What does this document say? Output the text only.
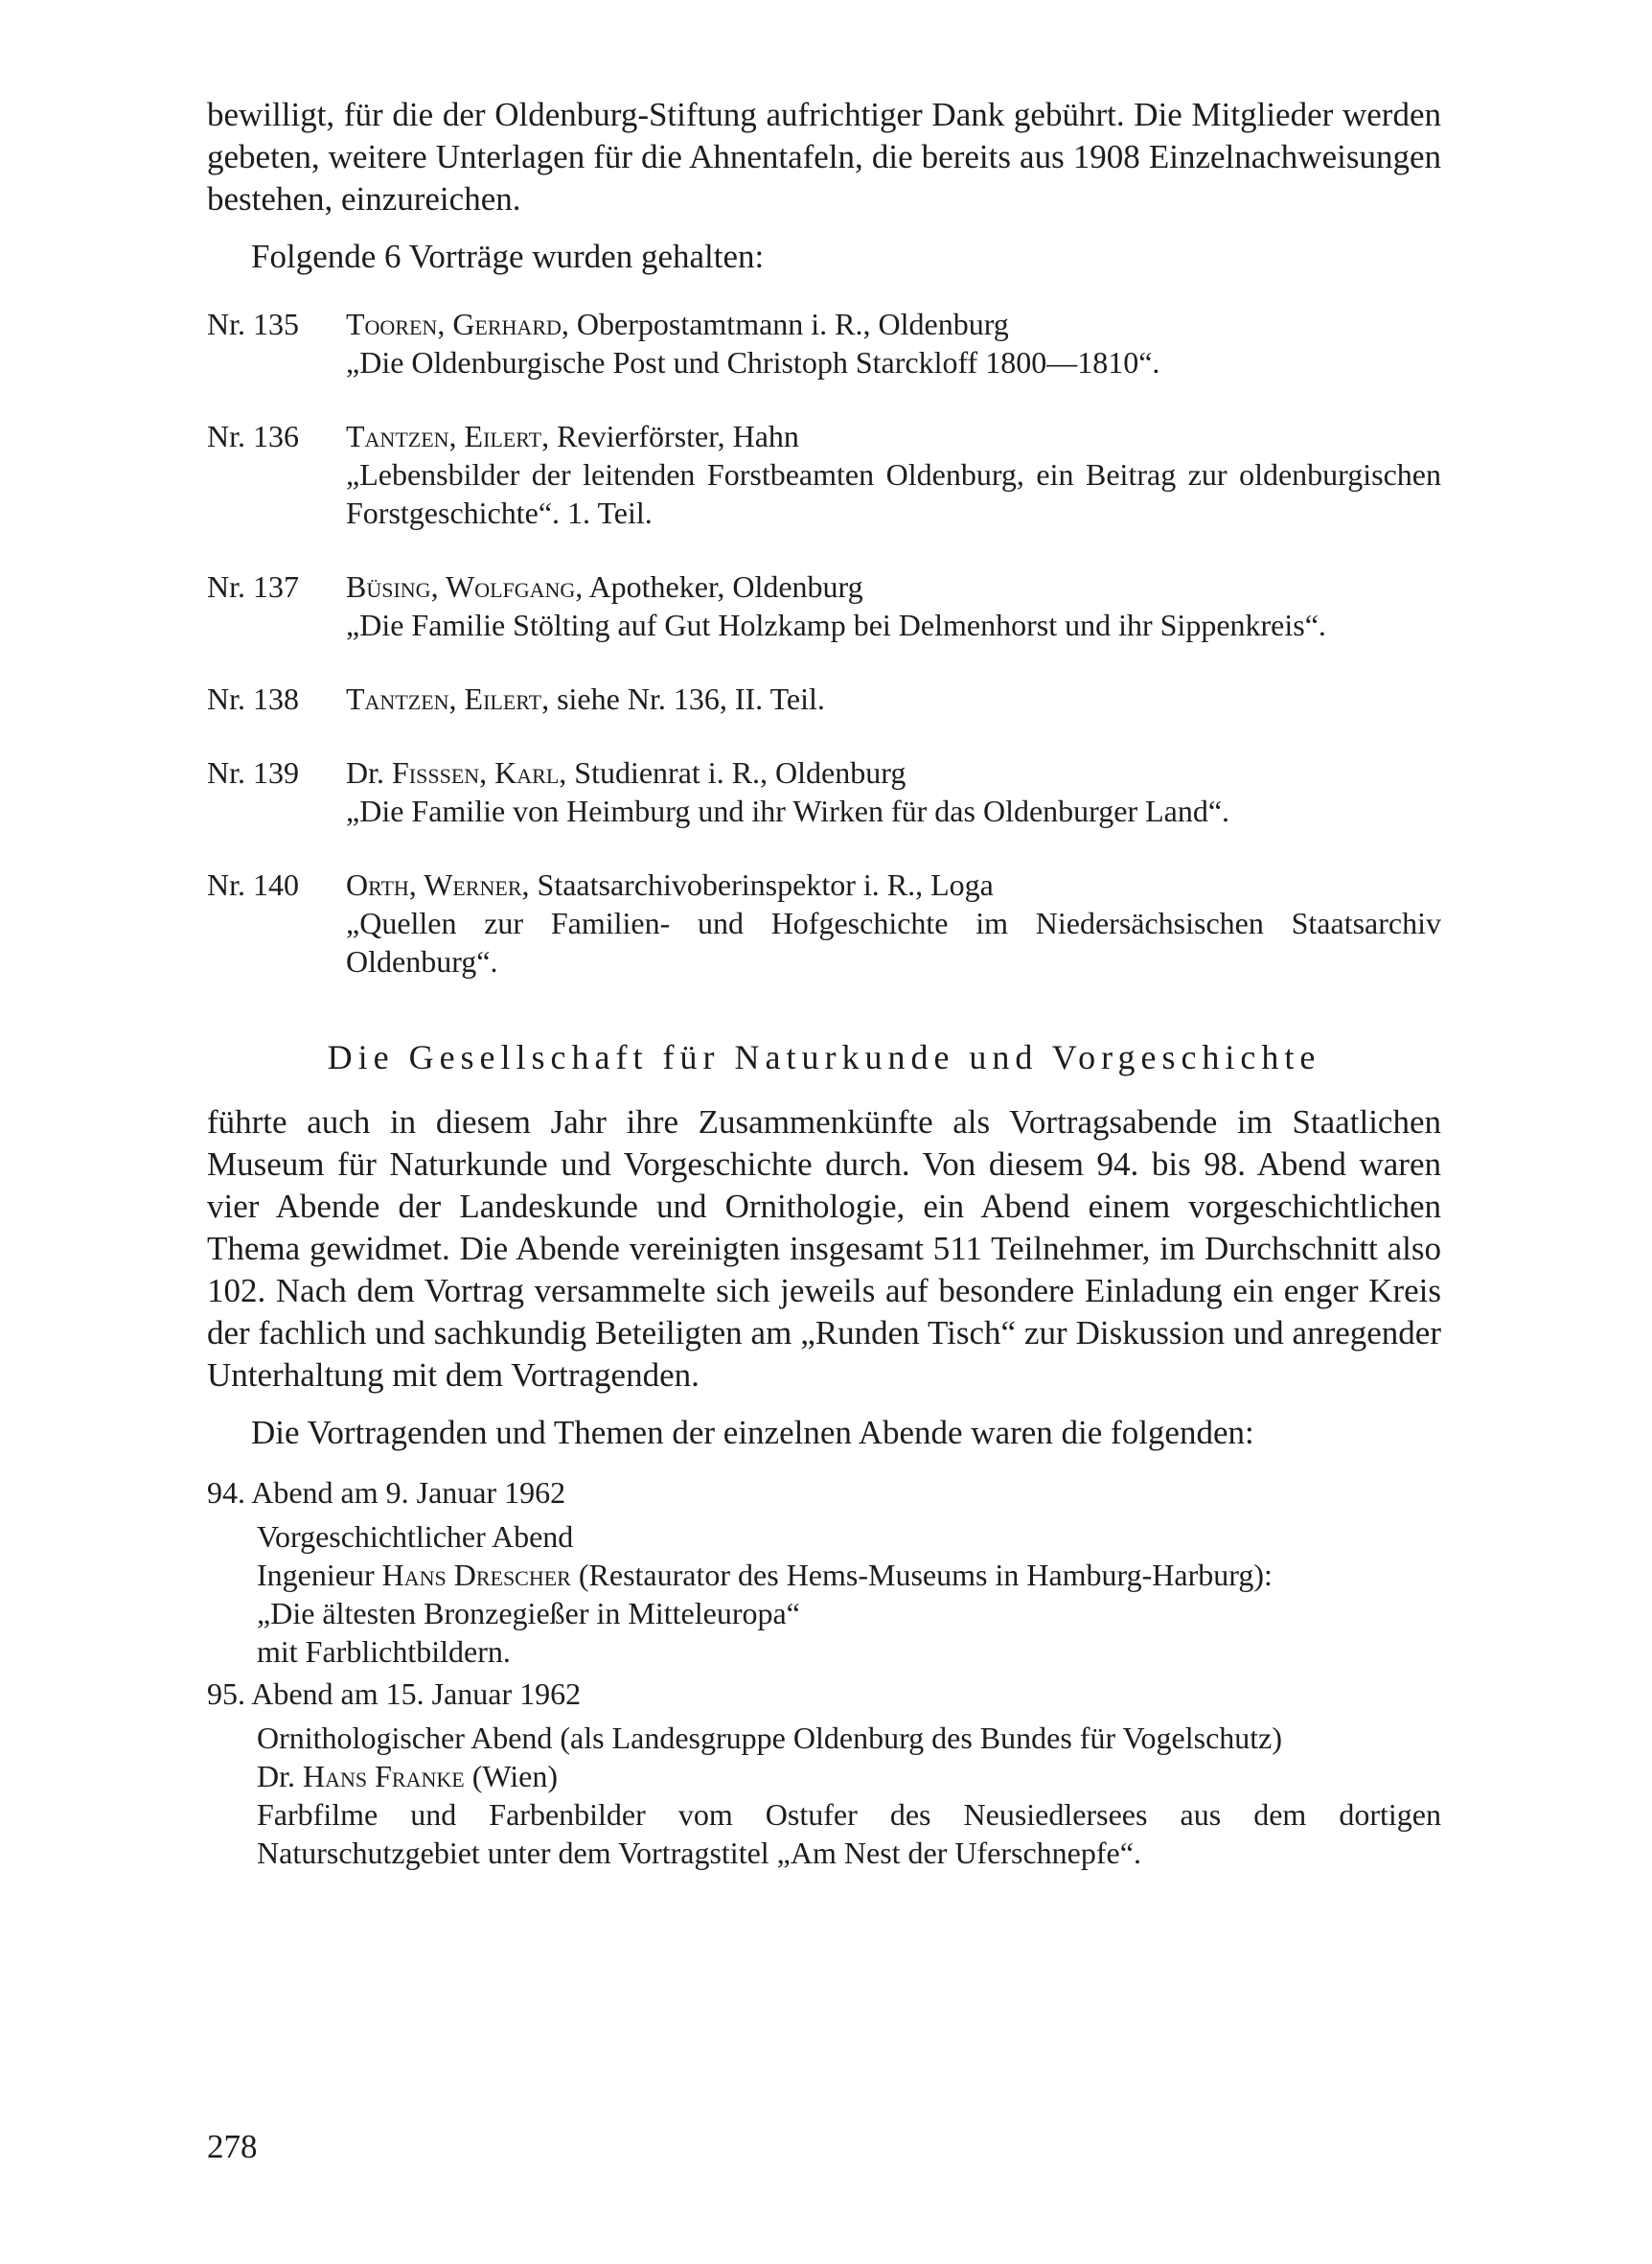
bewilligt, für die der Oldenburg-Stiftung aufrichtiger Dank gebührt. Die Mitglieder werden gebeten, weitere Unterlagen für die Ahnentafeln, die bereits aus 1908 Einzelnachweisungen bestehen, einzureichen.

Folgende 6 Vorträge wurden gehalten:

Nr. 135	Tooren, Gerhard, Oberpostamtmann i. R., Oldenburg
„Die Oldenburgische Post und Christoph Starckloff 1800—1810“.
Nr. 136	Tantzen, Eilert, Revierförster, Hahn
„Lebensbilder der leitenden Forstbeamten Oldenburg, ein Beitrag zur oldenburgischen Forstgeschichte“. 1. Teil.
Nr. 137	Büsing, Wolfgang, Apotheker, Oldenburg
„Die Familie Stölting auf Gut Holzkamp bei Delmenhorst und ihr Sippenkreis“.
Nr. 138	Tantzen, Eilert, siehe Nr. 136, II. Teil.
Nr. 139	Dr. Fisssen, Karl, Studienrat i. R., Oldenburg
„Die Familie von Heimburg und ihr Wirken für das Oldenburger Land“.
Nr. 140	Orth, Werner, Staatsarchivoberinspektor i. R., Loga
„Quellen zur Familien- und Hofgeschichte im Niedersächsischen Staatsarchiv Oldenburg“.
Die Gesellschaft für Naturkunde und Vorgeschichte

führte auch in diesem Jahr ihre Zusammenkünfte als Vortragsabende im Staatlichen Museum für Naturkunde und Vorgeschichte durch. Von diesem 94. bis 98. Abend waren vier Abende der Landeskunde und Ornithologie, ein Abend einem vorgeschichtlichen Thema gewidmet. Die Abende vereinigten insgesamt 511 Teilnehmer, im Durchschnitt also 102. Nach dem Vortrag versammelte sich jeweils auf besondere Einladung ein enger Kreis der fachlich und sachkundig Beteiligten am „Runden Tisch“ zur Diskussion und anregender Unterhaltung mit dem Vortragenden.

Die Vortragenden und Themen der einzelnen Abende waren die folgenden:

94. Abend am 9. Januar 1962

Vorgeschichtlicher Abend

Ingenieur Hans Drescher (Restaurator des Hems-Museums in Hamburg-Harburg):

„Die ältesten Bronzegießer in Mitteleuropa“

mit Farblichtbildern.

95. Abend am 15. Januar 1962

Ornithologischer Abend (als Landesgruppe Oldenburg des Bundes für Vogelschutz)

Dr. Hans Franke (Wien)

Farbfilme und Farbenbilder vom Ostufer des Neusiedlersees aus dem dortigen Naturschutzgebiet unter dem Vortragstitel „Am Nest der Uferschnepfe“.

278
